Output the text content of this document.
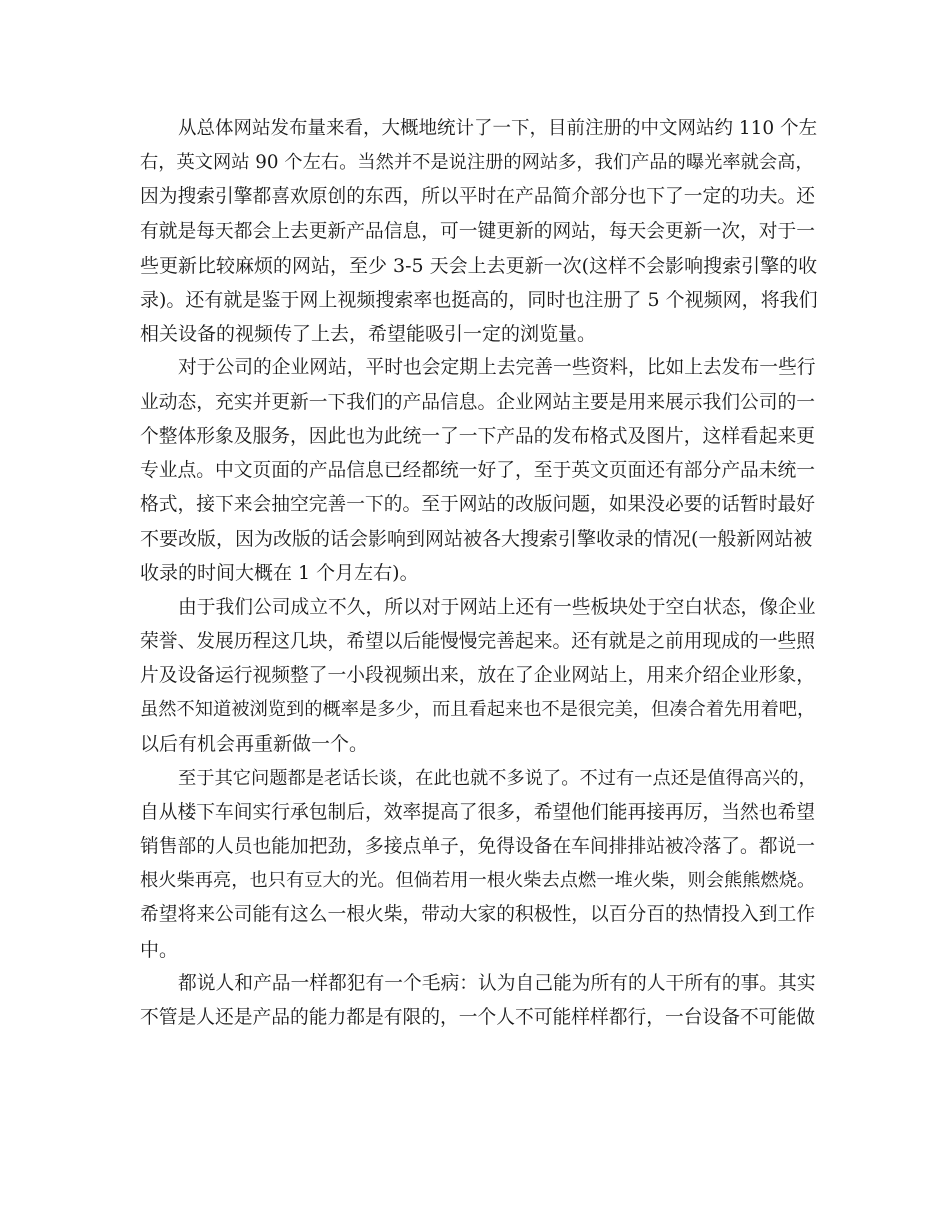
从总体网站发布量来看，大概地统计了一下，目前注册的中文网站约 110 个左
右，英文网站 90 个左右。当然并不是说注册的网站多，我们产品的曝光率就会高，
因为搜索引擎都喜欢原创的东西，所以平时在产品简介部分也下了一定的功夫。还
有就是每天都会上去更新产品信息，可一键更新的网站，每天会更新一次，对于一
些更新比较麻烦的网站，至少 3-5 天会上去更新一次(这样不会影响搜索引擎的收
录)。还有就是鉴于网上视频搜索率也挺高的，同时也注册了 5 个视频网，将我们
相关设备的视频传了上去，希望能吸引一定的浏览量。
对于公司的企业网站，平时也会定期上去完善一些资料，比如上去发布一些行
业动态，充实并更新一下我们的产品信息。企业网站主要是用来展示我们公司的一
个整体形象及服务，因此也为此统一了一下产品的发布格式及图片，这样看起来更
专业点。中文页面的产品信息已经都统一好了，至于英文页面还有部分产品未统一
格式，接下来会抽空完善一下的。至于网站的改版问题，如果没必要的话暂时最好
不要改版，因为改版的话会影响到网站被各大搜索引擎收录的情况(一般新网站被
收录的时间大概在 1 个月左右)。
由于我们公司成立不久，所以对于网站上还有一些板块处于空白状态，像企业
荣誉、发展历程这几块，希望以后能慢慢完善起来。还有就是之前用现成的一些照
片及设备运行视频整了一小段视频出来，放在了企业网站上，用来介绍企业形象，
虽然不知道被浏览到的概率是多少，而且看起来也不是很完美，但凑合着先用着吧，
以后有机会再重新做一个。
至于其它问题都是老话长谈，在此也就不多说了。不过有一点还是值得高兴的，
自从楼下车间实行承包制后，效率提高了很多，希望他们能再接再厉，当然也希望
销售部的人员也能加把劲，多接点单子，免得设备在车间排排站被冷落了。都说一
根火柴再亮，也只有豆大的光。但倘若用一根火柴去点燃一堆火柴，则会熊熊燃烧。
希望将来公司能有这么一根火柴，带动大家的积极性，以百分百的热情投入到工作
中。
都说人和产品一样都犯有一个毛病：认为自己能为所有的人干所有的事。其实
不管是人还是产品的能力都是有限的，一个人不可能样样都行，一台设备不可能做
